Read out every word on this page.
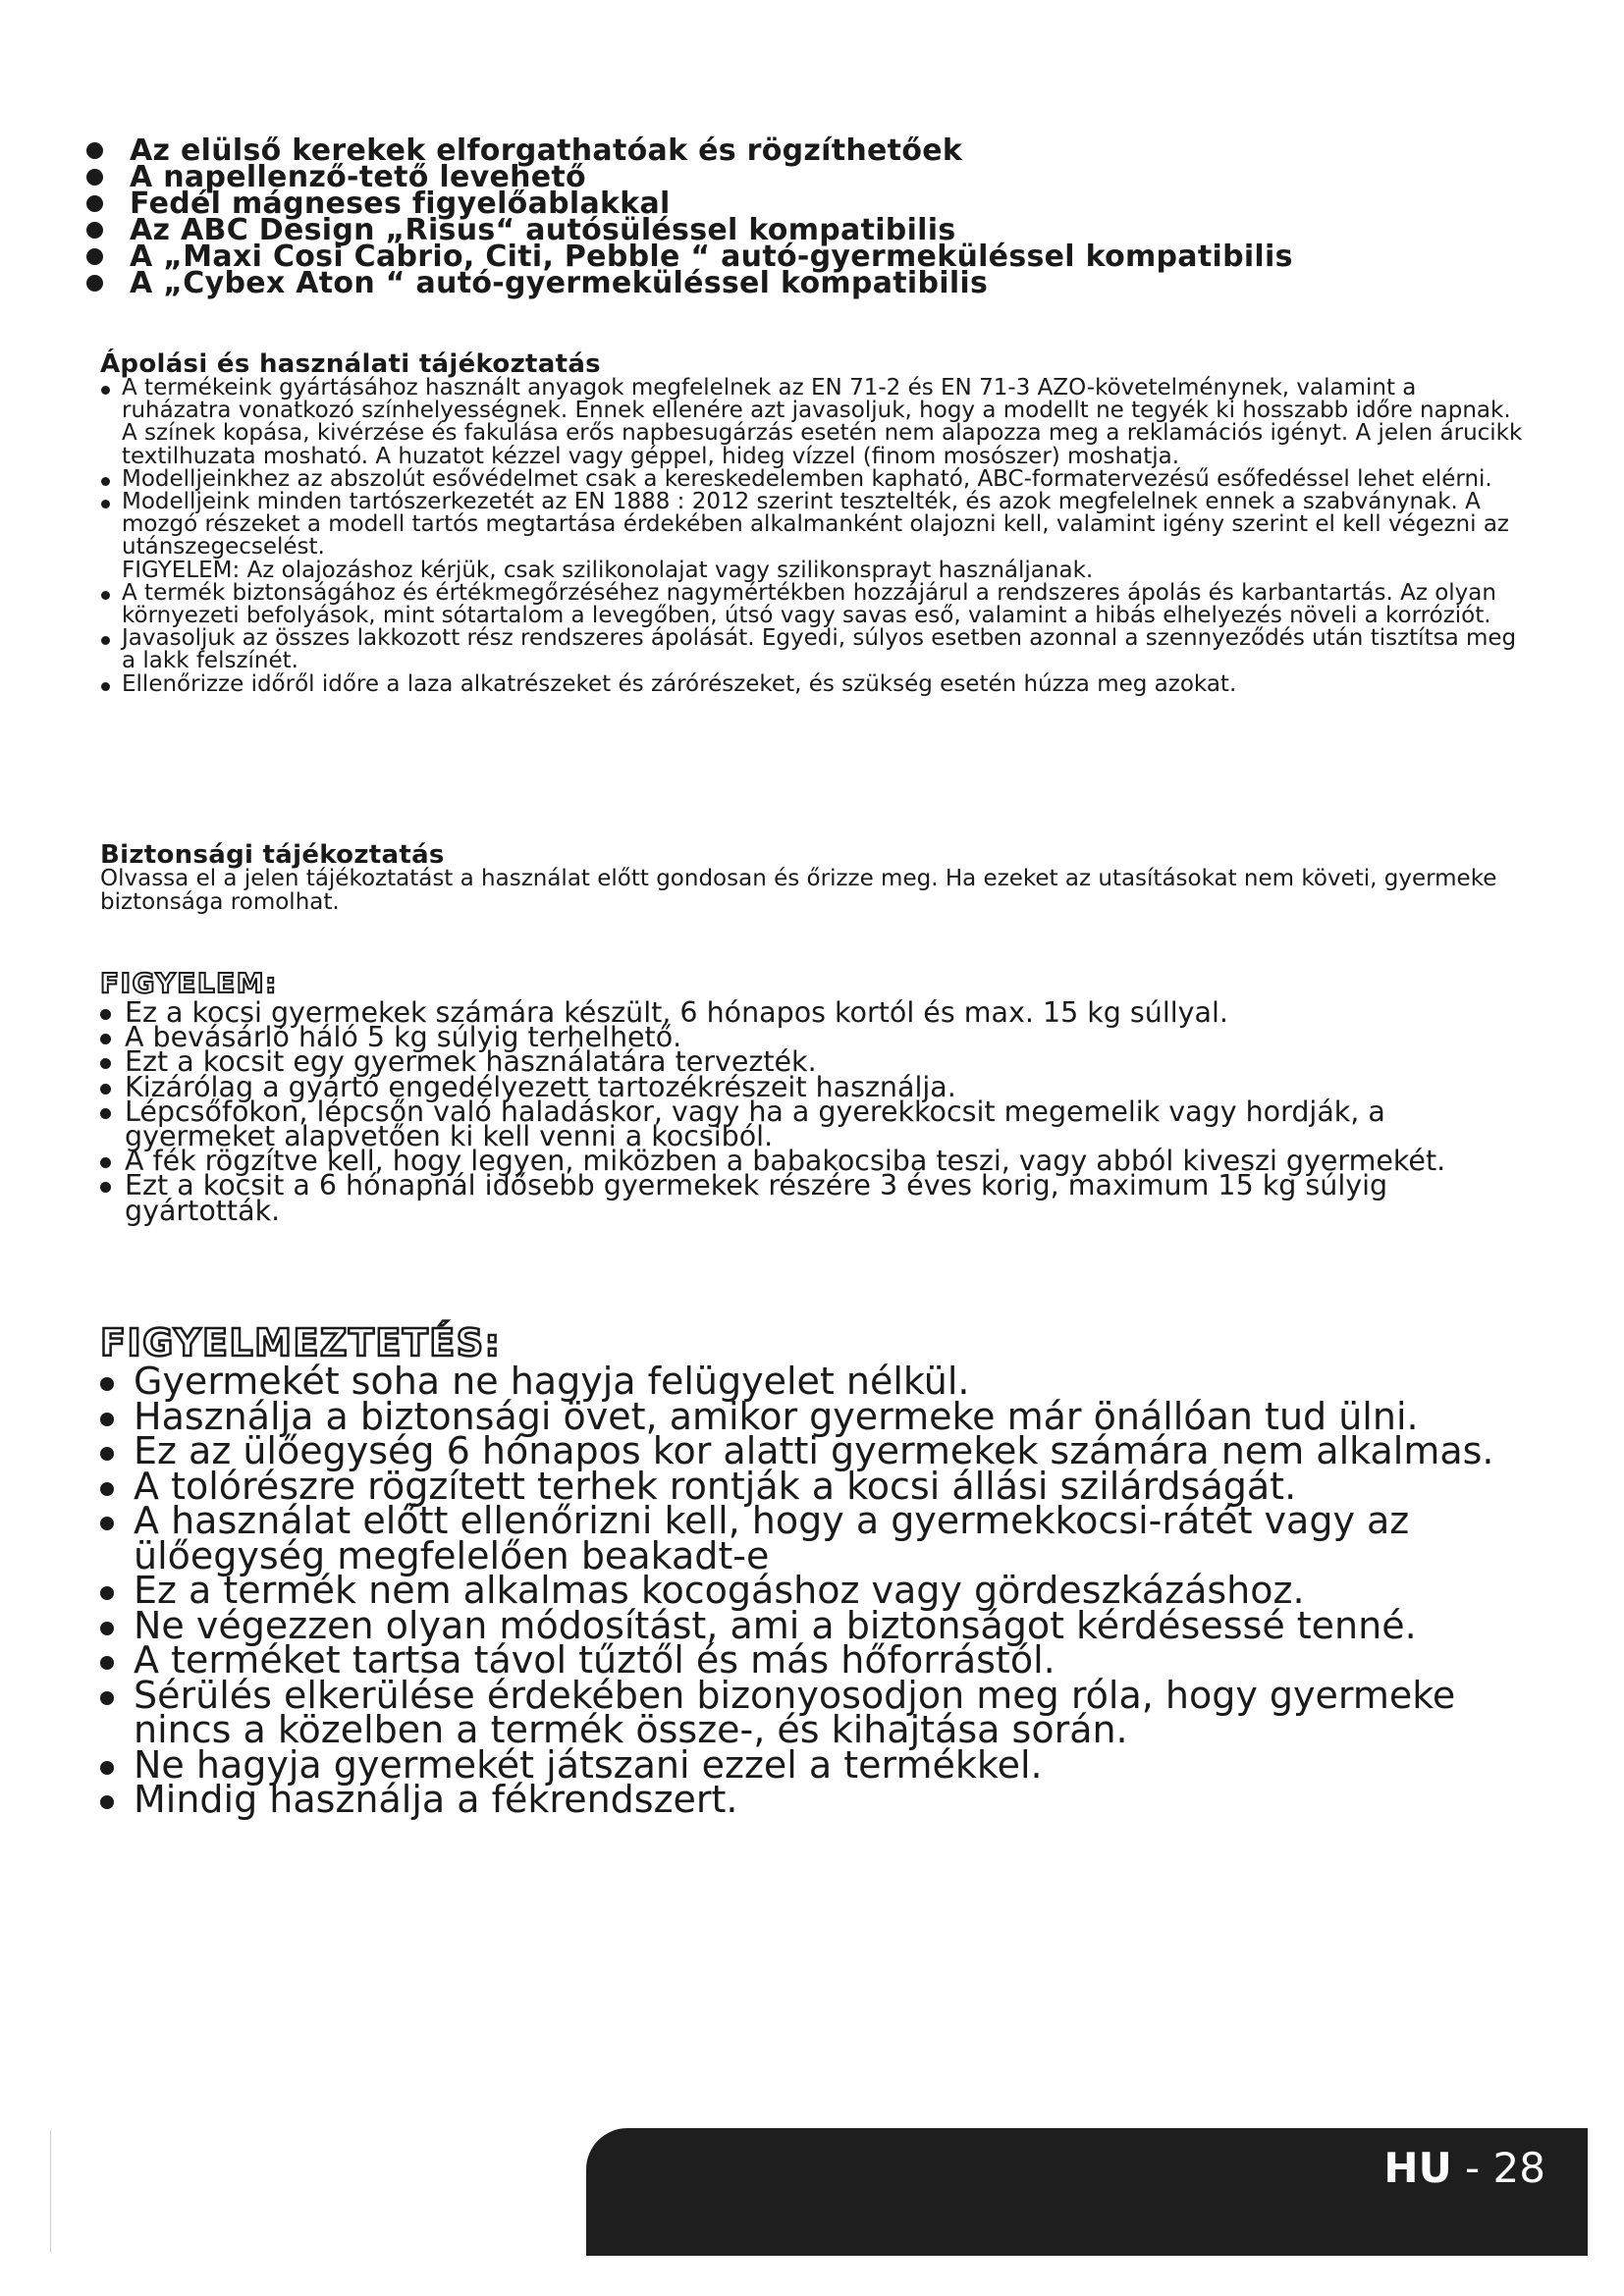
Az elülső kerekek elforgathatóak és rögzíthetőek
A napellenző-tető levehető
Fedél mágneses figyelőablakkal
Az ABC Design „Risus“ autósüléssel kompatibilis
A „Maxi Cosi Cabrio, Citi, Pebble “ autó-gyermeküléssel kompatibilis
A „Cybex Aton “ autó-gyermeküléssel kompatibilis
Ápolási és használati tájékoztatás
A termékeink gyártásához használt anyagok megfelelnek az EN 71-2 és EN 71-3 AZO-követelménynek, valamint a ruházatra vonatkozó színhelyességnek. Ennek ellenére azt javasoljuk, hogy a modellt ne tegyék ki hosszabb időre napnak. A színek kopása, kivérzése és fakulása erős napbesugárzás esetén nem alapozza meg a reklamációs igényt. A jelen árucikk textilhuzata mosható. A huzatot kézzel vagy géppel, hideg vízzel (finom mosószer) moshatja.
Modelljeinkhez az abszolút esővédelmet csak a kereskedelemben kapható, ABC-formatervezésű esőfedéssel lehet elérni.
Modelljeink minden tartószerkezetét az EN 1888 : 2012 szerint tesztelték, és azok megfelelnek ennek a szabványnak. A mozgó részeket a modell tartós megtartása érdekében alkalmanként olajozni kell, valamint igény szerint el kell végezni az utánszegecselést.
FIGYELEM: Az olajozáshoz kérjük, csak szilikonolajat vagy szilikonsprayt használjanak.
A termék biztonságához és értékmegőrzéséhez nagymértékben hozzájárul a rendszeres ápolás és karbantartás. Az olyan környezeti befolyások, mint sótartalom a levegőben, útsó vagy savas eső, valamint a hibás elhelyezés növeli a korróziót.
Javasoljuk az összes lakkozott rész rendszeres ápolását. Egyedi, súlyos esetben azonnal a szennyeződés után tisztítsa meg a lakk felszínét.
Ellenőrizze időről időre a laza alkatrészeket és zárórészeket, és szükség esetén húzza meg azokat.
Biztonsági tájékoztatás
Olvassa el a jelen tájékoztatást a használat előtt gondosan és őrizze meg. Ha ezeket az utasításokat nem követi, gyermeke biztonsága romolhat.
FIGYELEM:
Ez a kocsi gyermekek számára készült, 6 hónapos kortól és max. 15 kg súllyal.
A bevásárló háló 5 kg súlyig terhelhető.
Ezt a kocsit egy gyermek használatára tervezték.
Kizárólag a gyártó engedélyezett tartozékrészeit használja.
Lépcsőfokon, lépcsőn való haladáskor, vagy ha a gyerekkocsit megemelik vagy hordják, a gyermeket alapvetően ki kell venni a kocsiból.
A fék rögzítve kell, hogy legyen, miközben a babakocsiba teszi, vagy abból kiveszi gyermekét.
Ezt a kocsit a 6 hónapnál idősebb gyermekek részére 3 éves korig, maximum 15 kg súlyig gyártották.
FIGYELMEZTETÉS:
Gyermekét soha ne hagyja felügyelet nélkül.
Használja a biztonsági övet, amikor gyermeke már önállóan tud ülni.
Ez az ülőegység 6 hónapos kor alatti gyermekek számára nem alkalmas.
A tolórészre rögzített terhek rontják a kocsi állási szilárdságát.
A használat előtt ellenőrizni kell, hogy a gyermekkocsi-rátét vagy az
ülőegység megfelelően beakadt-e
Ez a termék nem alkalmas kocogáshoz vagy gördeszkázáshoz.
Ne végezzen olyan módosítást, ami a biztonságot kérdésessé tenné.
A terméket tartsa távol tűztől és más hőforrástól.
Sérülés elkerülése érdekében bizonyosodjon meg róla, hogy gyermeke
nincs a közelben a termék össze-, és kihajtása során.
Ne hagyja gyermekét játszani ezzel a termékkel.
Mindig használja a fékrendszert.
HU - 28
